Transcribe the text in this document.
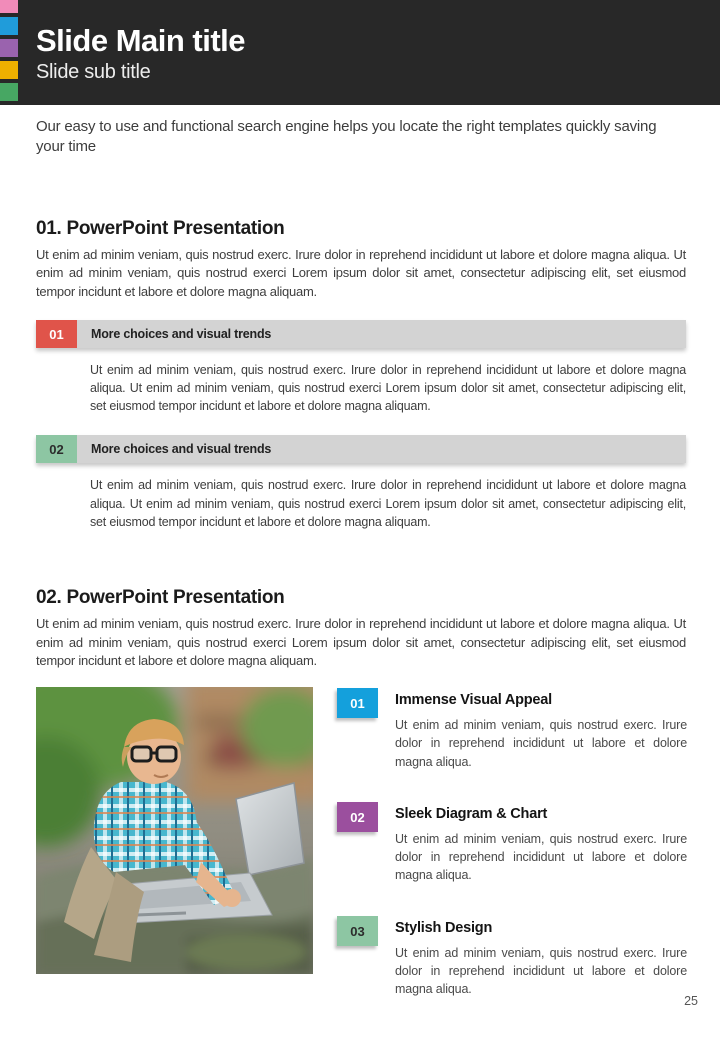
Slide Main title
Slide sub title

Our easy to use and functional search engine helps you locate the right templates quickly saving your time

01. PowerPoint Presentation

Ut enim ad minim veniam, quis nostrud exerc. Irure dolor in reprehend incididunt ut labore et dolore magna aliqua. Ut enim ad minim veniam, quis nostrud exerci Lorem ipsum dolor sit amet, consectetur adipiscing elit, set eiusmod tempor incidunt et labore et dolore magna aliquam.

01	More choices and visual trends

Ut enim ad minim veniam, quis nostrud exerc. Irure dolor in reprehend incididunt ut labore et dolore magna aliqua. Ut enim ad minim veniam, quis nostrud exerci Lorem ipsum dolor sit amet, consectetur adipiscing elit, set eiusmod tempor incidunt et labore et dolore magna aliquam.

02	More choices and visual trends

Ut enim ad minim veniam, quis nostrud exerc. Irure dolor in reprehend incididunt ut labore et dolore magna aliqua. Ut enim ad minim veniam, quis nostrud exerci Lorem ipsum dolor sit amet, consectetur adipiscing elit, set eiusmod tempor incidunt et labore et dolore magna aliquam.

02. PowerPoint Presentation

Ut enim ad minim veniam, quis nostrud exerc. Irure dolor in reprehend incididunt ut labore et dolore magna aliqua. Ut enim ad minim veniam, quis nostrud exerci Lorem ipsum dolor sit amet, consectetur adipiscing elit, set eiusmod tempor incidunt et labore et dolore magna aliquam.

01	Immense Visual Appeal

Ut enim ad minim veniam, quis nostrud exerc. Irure dolor in reprehend incididunt ut labore et dolore magna aliqua.

02	Sleek Diagram & Chart

Ut enim ad minim veniam, quis nostrud exerc. Irure dolor in reprehend incididunt ut labore et dolore magna aliqua.

03	Stylish Design

Ut enim ad minim veniam, quis nostrud exerc. Irure dolor in reprehend incididunt ut labore et dolore magna aliqua.

25
